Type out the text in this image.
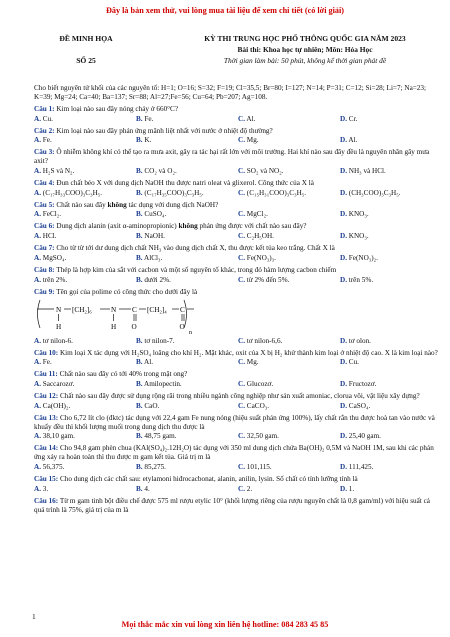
Đây là bản xem thử, vui lòng mua tài liệu để xem chi tiết (có lời giải)
ĐỀ MINH HỌA
SỐ 25
KỲ THI TRUNG HỌC PHỔ THÔNG QUỐC GIA NĂM 2023
Bài thi: Khoa học tự nhiên; Môn: Hóa Học
Thời gian làm bài: 50 phút, không kể thời gian phát đề

Cho biết nguyên tử khối của các nguyên tố: H=1; O=16; S=32; F=19; Cl=35,5; Br=80; I=127; N=14; P=31; C=12; Si=28; Li=7; Na=23; K=39; Mg=24; Ca=40; Ba=137; Sr=88; Al=27;Fe=56; Cu=64; Pb=207; Ag=108.

Câu 1: Kim loại nào sau đây nóng chảy ở 660°C?

A. Cu.	B. Fe.	C. Al.	D. Cr.

Câu 2: Kim loại nào sau đây phản ứng mãnh liệt nhất với nước ở nhiệt độ thường?

A. Fe.	B. K.	C. Mg.	D. Al.

Câu 3: Ô nhiễm không khí có thể tạo ra mưa axit, gây ra tác hại rất lớn với môi trường. Hai khí nào sau đây đều là nguyên nhân gây mưa axit?

A. H₂S và N₂.	B. CO₂ và O₂.	C. SO₂ và NO₂.	D. NH₃ và HCl.

Câu 4: Đun chất béo X với dung dịch NaOH thu được natri oleat và glixerol. Công thức của X là

A. (C₁₇H₃₃COO)₃C₃H₅.	B. (C₁₇H₃₅COO)₃C₃H₅.	C. (C₁₅H₃₁COO)₃C₃H₅.	D. (CH₃COO)₃C₃H₅.

Câu 5: Chất nào sau đây không tác dụng với dung dịch NaOH?

A. FeCl₂.	B. CuSO₄.	C. MgCl₂.	D. KNO₃.

Câu 6: Dung dịch alanin (axit α-aminopropionic) không phản ứng được với chất nào sau đây?

A. HCl.	B. NaOH.	C. C₂H₅OH.	D. KNO₃.

Câu 7: Cho từ từ tới dư dung dịch chất NH₃ vào dung dịch chất X, thu được kết tủa keo trắng. Chất X là

A. MgSO₄.	B. AlCl₃.	C. Fe(NO₃)₃.	D. Fe(NO₃)₂.

Câu 8: Thép là hợp kim của sắt với cacbon và một số nguyên tố khác, trong đó hàm lượng cacbon chiếm

A. trên 2%.	B. dưới 2%.	C. từ 2% đến 5%.	D. trên 5%.

Câu 9: Tên gọi của polime có công thức cho dưới đây là

N [CH₂]₆	N C [CH₂]₄ C
H	H O	O
n
A. tơ nilon-6.	B. tơ nilon-7.	C. tơ nilon-6,6.	D. tơ olon.

Câu 10: Kim loại X tác dụng với H₂SO₄ loãng cho khí H₂. Mặt khác, oxit của X bị H₂ khử thành kim loại ở nhiệt độ cao. X là kim loại nào?

A. Fe.	B. Al.	C. Mg.	D. Cu.

Câu 11: Chất nào sau đây có tới 40% trong mật ong?

A. Saccarozơ.	B. Amilopectin.	C. Glucozơ.	D. Fructozơ.

Câu 12: Chất nào sau đây được sử dụng rộng rãi trong nhiều ngành công nghiệp như sản xuất amoniac, clorua vôi, vật liệu xây dựng?

A. Ca(OH)₂.	B. CaO.	C. CaCO₃.	D. CaSO₄.

Câu 13: Cho 6,72 lít clo (đktc) tác dụng với 22,4 gam Fe nung nóng (hiệu suất phản ứng 100%), lấy chất rắn thu được hoà tan vào nước và khuấy đều thì khối lượng muối trong dung dịch thu được là

A. 38,10 gam.	B. 48,75 gam.	C. 32,50 gam.	D. 25,40 gam.

Câu 14: Cho 94,8 gam phèn chua (KAl(SO₄)₂.12H₂O) tác dụng với 350 ml dung dịch chứa Ba(OH)₂ 0,5M và NaOH 1M, sau khi các phản ứng xảy ra hoàn toàn thì thu được m gam kết tủa. Giá trị m là

A. 56,375.	B. 85,275.	C. 101,115.	D. 111,425.

Câu 15: Cho dung dịch các chất sau: etylamoni hiđrocacbonat, alanin, anilin, lysin. Số chất có tính lưỡng tính là

A. 3.	B. 4.	C. 2.	D. 1.

Câu 16: Từ m gam tinh bột điều chế được 575 ml rượu etylic 10° (khối lượng riêng của rượu nguyên chất là 0,8 gam/ml) với hiệu suất cả quá trình là 75%, giá trị của m là

1
Mọi thắc mắc xin vui lòng xin liên hệ hotline: 084 283 45 85
